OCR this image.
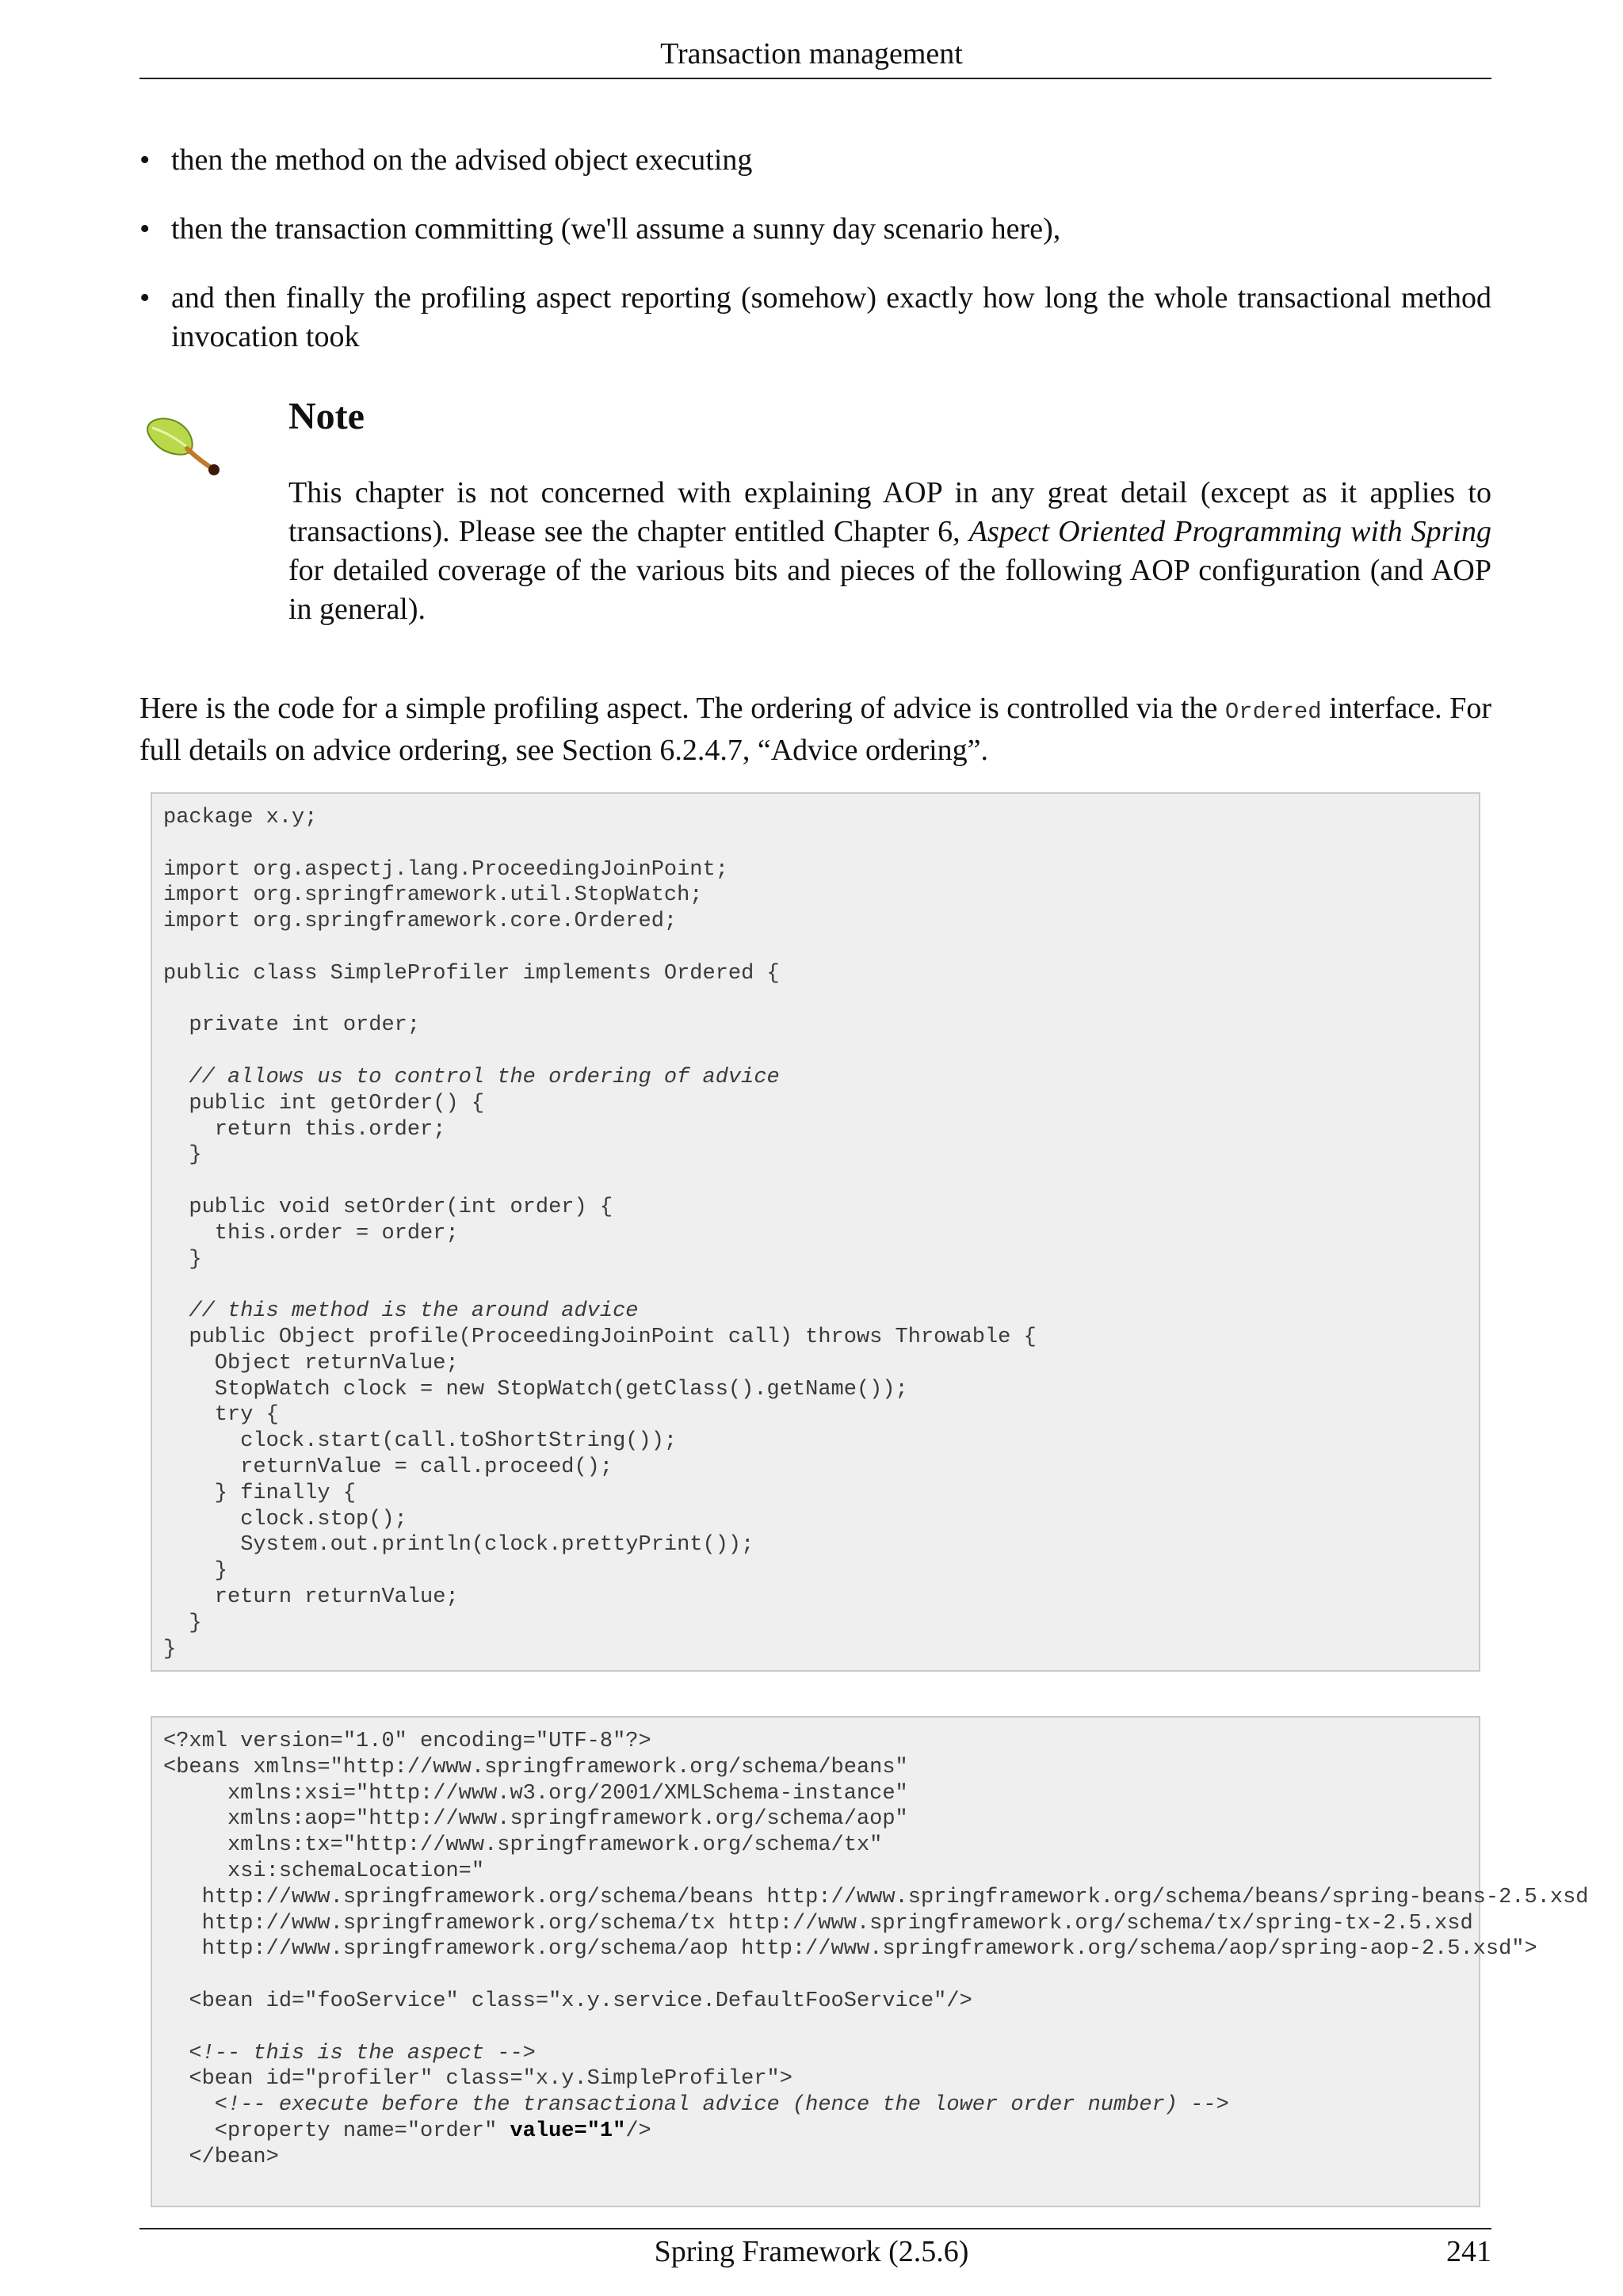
Transaction management
• then the method on the advised object executing
• then the transaction committing (we'll assume a sunny day scenario here),
• and then finally the profiling aspect reporting (somehow) exactly how long the whole transactional method invocation took
Note
This chapter is not concerned with explaining AOP in any great detail (except as it applies to transactions). Please see the chapter entitled Chapter 6, Aspect Oriented Programming with Spring for detailed coverage of the various bits and pieces of the following AOP configuration (and AOP in general).
Here is the code for a simple profiling aspect. The ordering of advice is controlled via the Ordered interface. For full details on advice ordering, see Section 6.2.4.7, “Advice ordering”.
package x.y;
import org.aspectj.lang.ProceedingJoinPoint;
import org.springframework.util.StopWatch;
import org.springframework.core.Ordered;
public class SimpleProfiler implements Ordered {
private int order;
// allows us to control the ordering of advice
public int getOrder() {
return this.order;
}
public void setOrder(int order) {
this.order = order;
}
// this method is the around advice
public Object profile(ProceedingJoinPoint call) throws Throwable {
Object returnValue;
StopWatch clock = new StopWatch(getClass().getName());
try {
clock.start(call.toShortString());
returnValue = call.proceed();
} finally {
clock.stop();
System.out.println(clock.prettyPrint());
}
return returnValue;
}
}
<?xml version="1.0" encoding="UTF-8"?>
<beans xmlns="http://www.springframework.org/schema/beans"
xmlns:xsi="http://www.w3.org/2001/XMLSchema-instance"
xmlns:aop="http://www.springframework.org/schema/aop"
xmlns:tx="http://www.springframework.org/schema/tx"
xsi:schemaLocation="
http://www.springframework.org/schema/beans http://www.springframework.org/schema/beans/spring-beans-2.5.xsd
http://www.springframework.org/schema/tx http://www.springframework.org/schema/tx/spring-tx-2.5.xsd
http://www.springframework.org/schema/aop http://www.springframework.org/schema/aop/spring-aop-2.5.xsd">
<bean id="fooService" class="x.y.service.DefaultFooService"/>
<!-- this is the aspect -->
<bean id="profiler" class="x.y.SimpleProfiler">
<!-- execute before the transactional advice (hence the lower order number) -->
<property name="order" value="1"/>
</bean>
Spring Framework (2.5.6)	241
